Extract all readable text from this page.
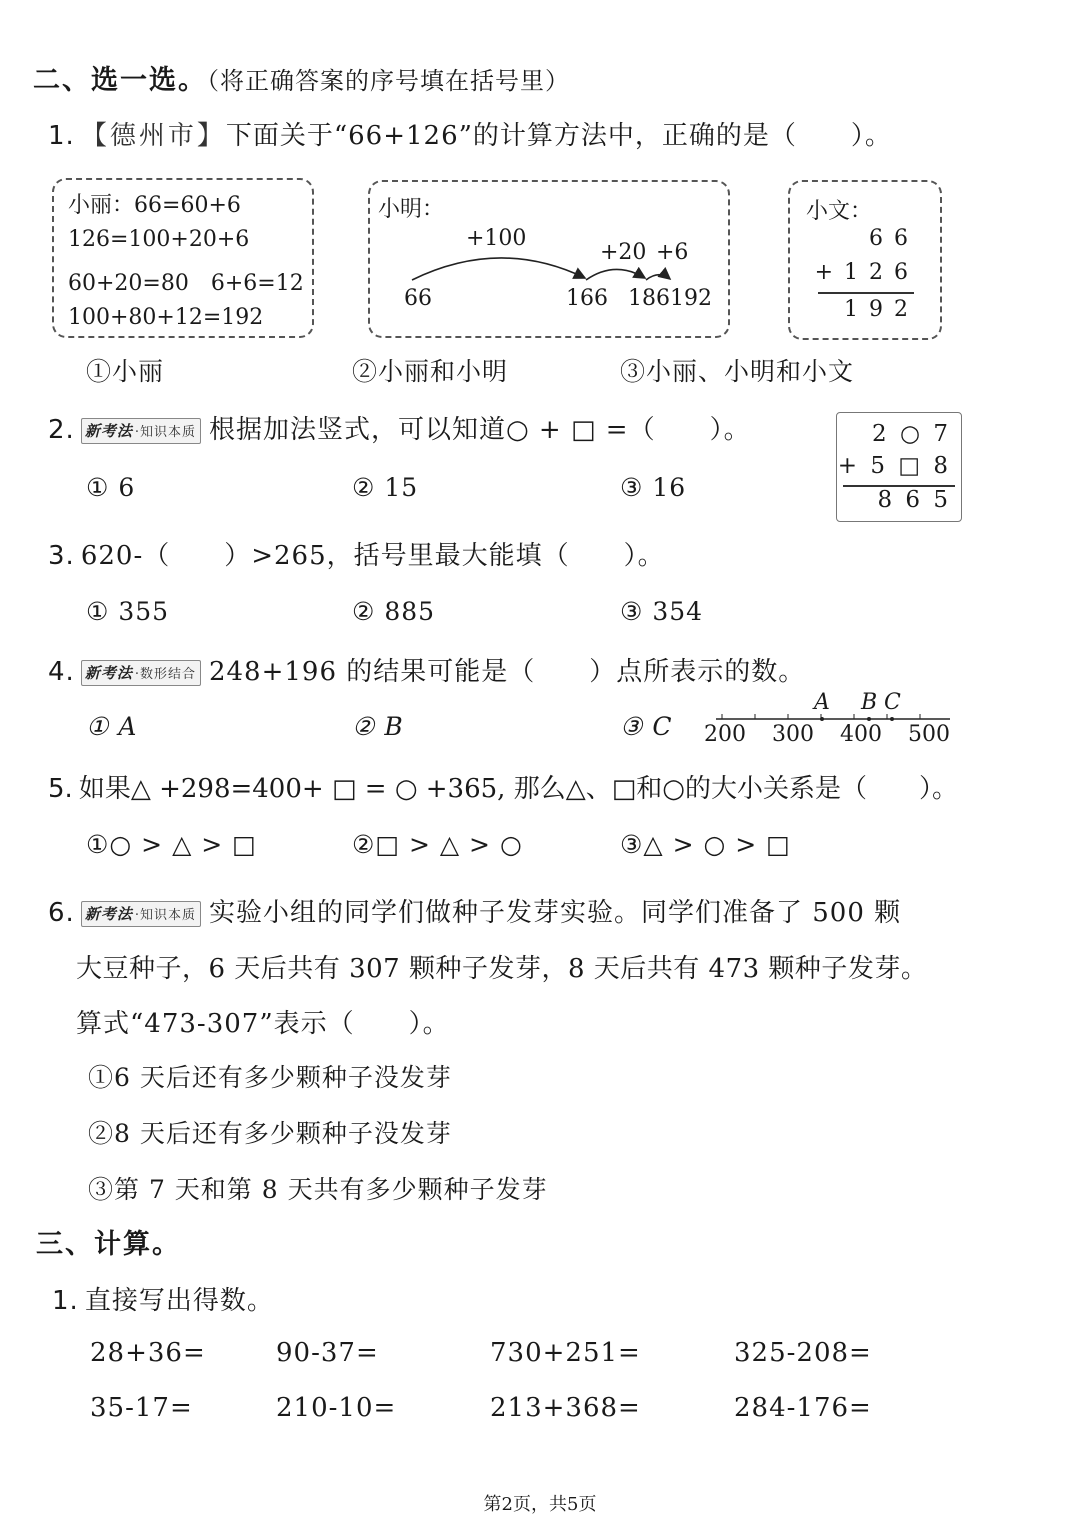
二、选一选。（将正确答案的序号填在括号里）
1. 【德州市】下面关于“66+126”的计算方法中，正确的是（　　）。
小丽：66=60+6
126=100+20+6
60+20=80　6+6=12
100+80+12=192
小明：
+100
+20 +6
66	166 186 192
小文：
6 6
+ 1 2 6
1 9 2
①小丽	②小丽和小明	③小丽、小明和小文
2. 新考法 ·知识本质 根据加法竖式，可以知道○ + □ =（　　）。	2 ○ 7
+ 5 □ 8
8 6 5
① 6	② 15	③ 16
3. 620-（　　）>265，括号里最大能填（　　）。
① 355	② 885	③ 354
4. 新考法 ·数形结合 248+196 的结果可能是（　　）点所表示的数。
① A	② B	③ C
A B C
200 300 400 500
5. 如果△ +298=400+ □ = ○ +365, 那么△、□和○的大小关系是（　　）。
①○ > △ > □	②□ > △ > ○	③△ > ○ > □
6. 新考法 ·知识本质 实验小组的同学们做种子发芽实验。同学们准备了 500 颗
大豆种子，6 天后共有 307 颗种子发芽，8 天后共有 473 颗种子发芽。
算式“473-307”表示（　　）。
①6 天后还有多少颗种子没发芽
②8 天后还有多少颗种子没发芽
③第 7 天和第 8 天共有多少颗种子发芽
三、计算。
1. 直接写出得数。
28+36=	90-37=	730+251=	325-208=
35-17=	210-10=	213+368=	284-176=
第2页，共5页
